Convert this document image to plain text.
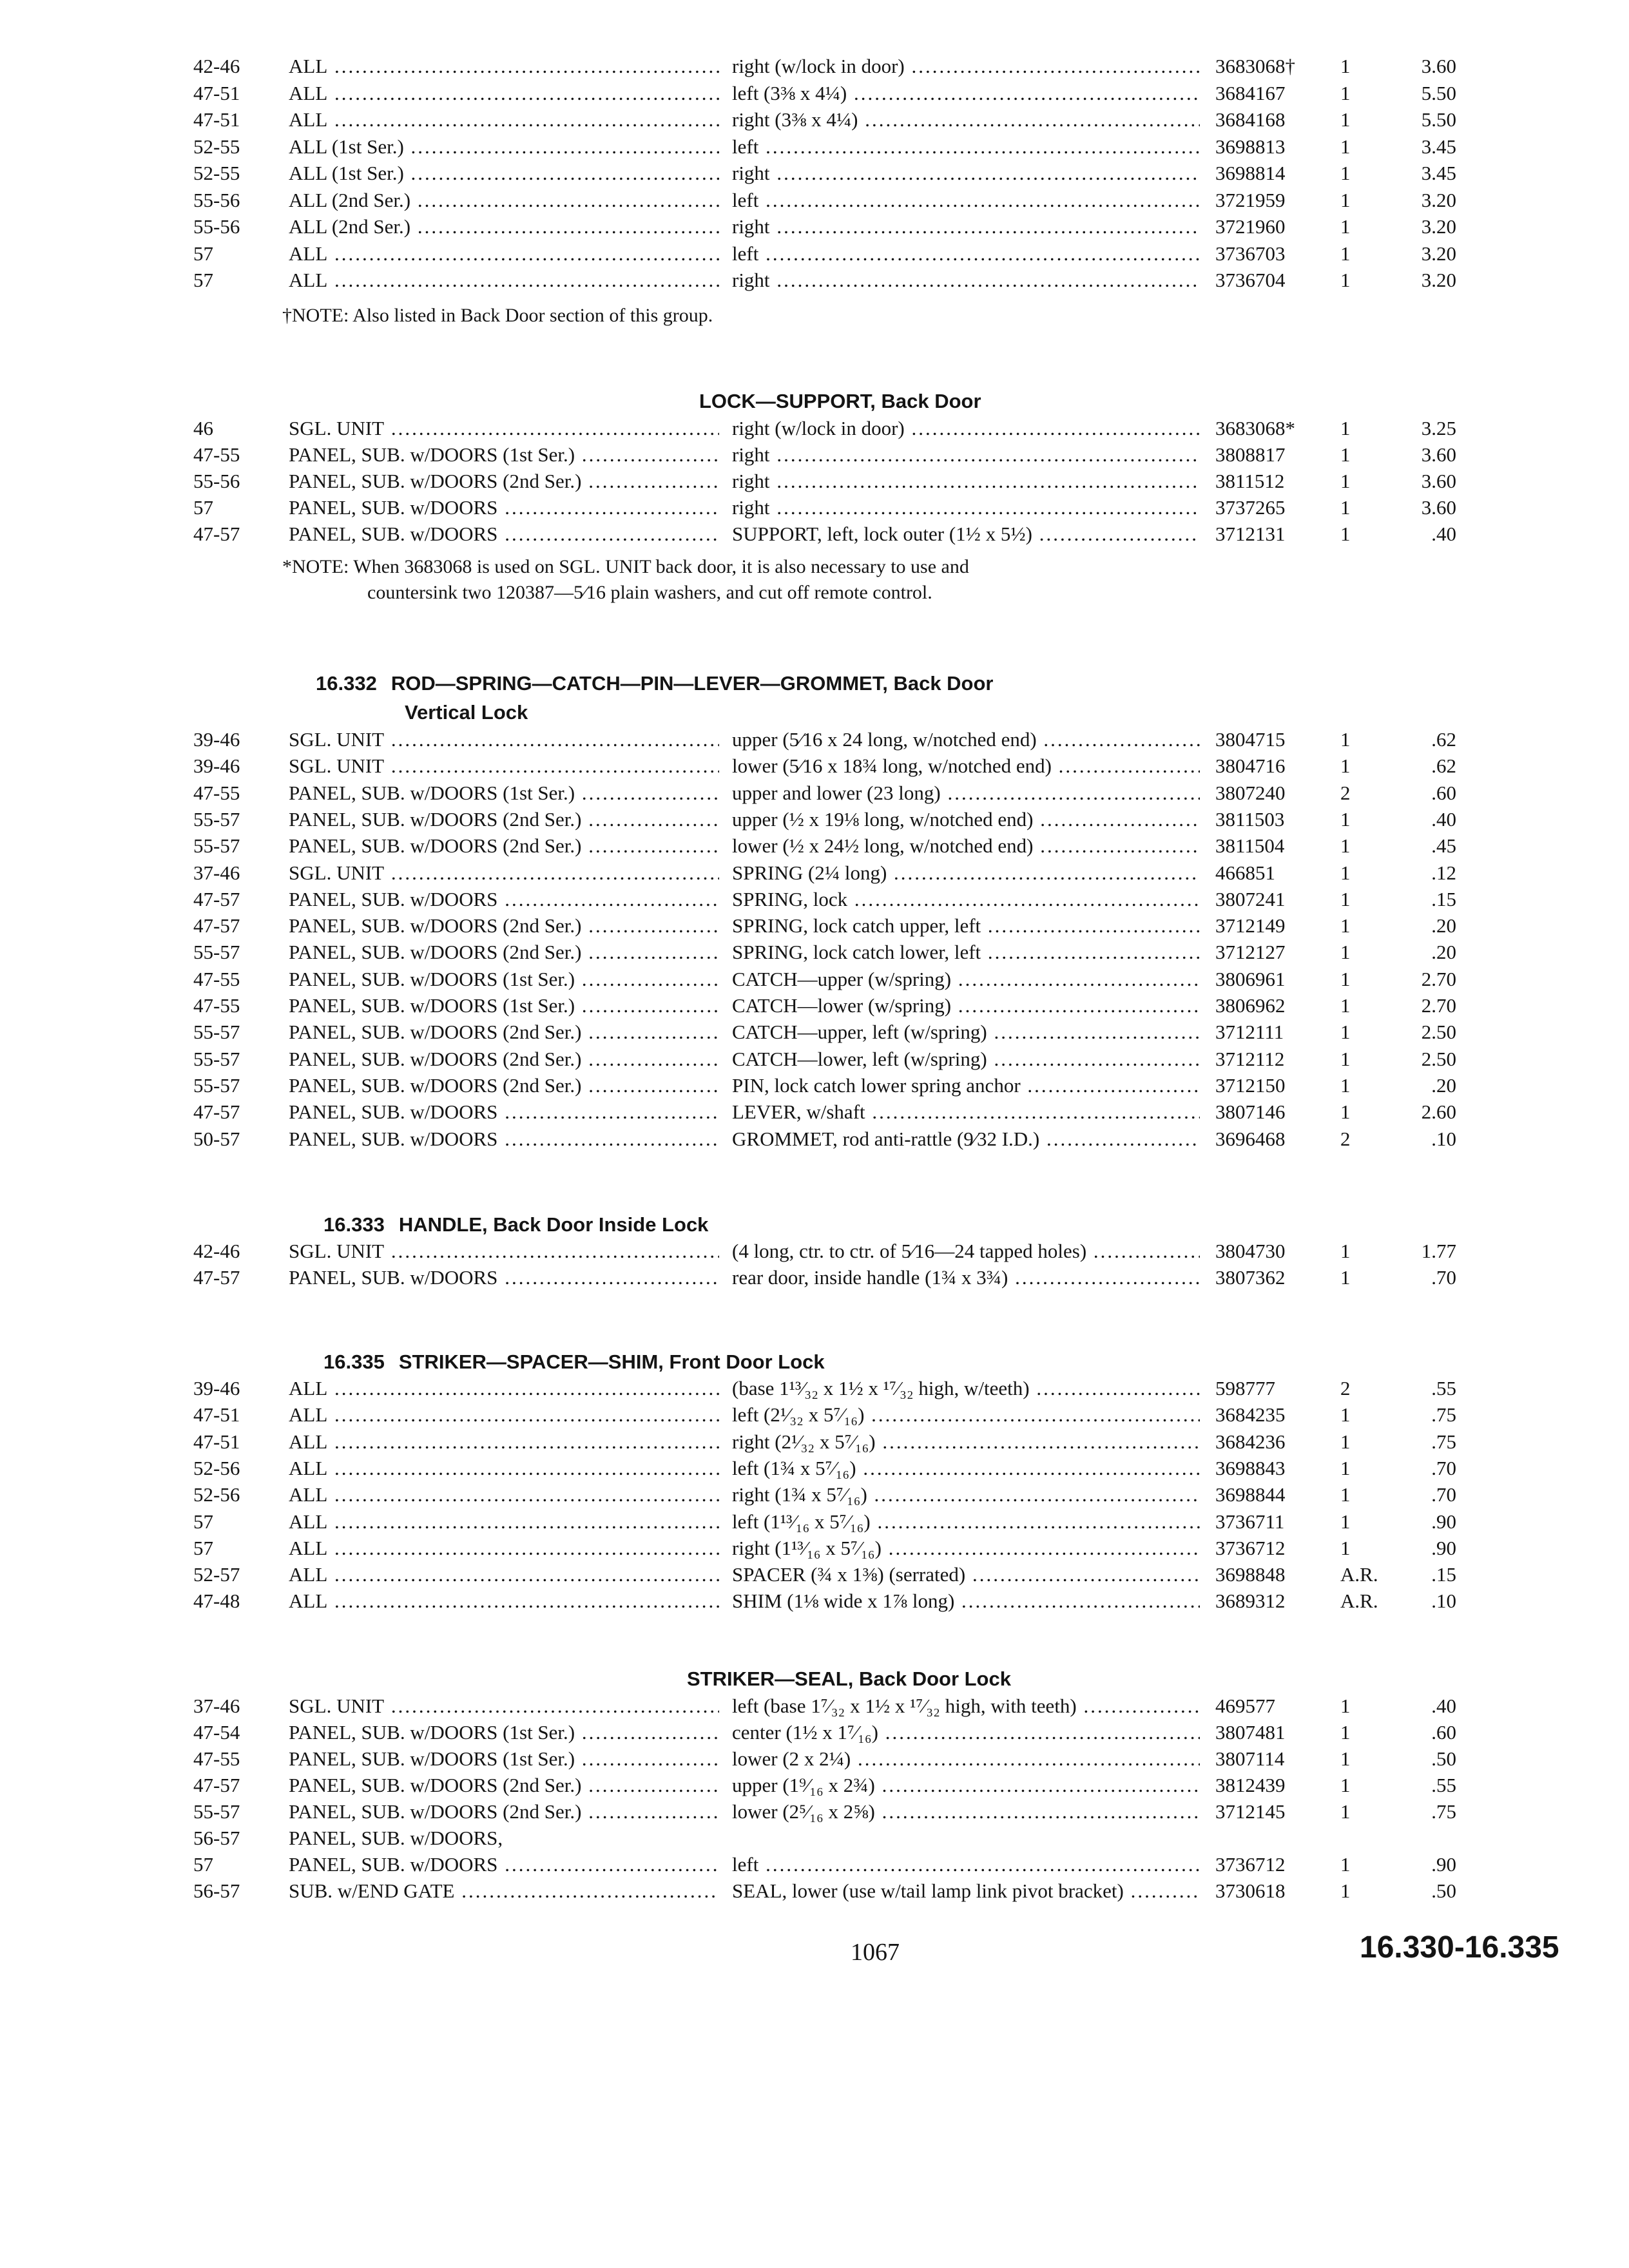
42-46	ALL .....	right (w/lock in door) .....	3683068†	1	3.60
47-51	ALL .....	left (3⅜ x 4¼) .....	3684167	1	5.50
47-51	ALL .....	right (3⅜ x 4¼) .....	3684168	1	5.50
52-55	ALL (1st Ser.) .....	left .....	3698813	1	3.45
52-55	ALL (1st Ser.) .....	right .....	3698814	1	3.45
55-56	ALL (2nd Ser.) .....	left .....	3721959	1	3.20
55-56	ALL (2nd Ser.) .....	right .....	3721960	1	3.20
57	ALL .....	left .....	3736703	1	3.20
57	ALL .....	right .....	3736704	1	3.20
†NOTE: Also listed in Back Door section of this group.
LOCK—SUPPORT, Back Door
46	SGL. UNIT .....	right (w/lock in door) .....	3683068*	1	3.25
47-55	PANEL, SUB. w/DOORS (1st Ser.) .....	right .....	3808817	1	3.60
55-56	PANEL, SUB. w/DOORS (2nd Ser.) .....	right .....	3811512	1	3.60
57	PANEL, SUB. w/DOORS .....	right .....	3737265	1	3.60
47-57	PANEL, SUB. w/DOORS .....	SUPPORT, left, lock outer (1½ x 5½) .....	3712131	1	.40
*NOTE: When 3683068 is used on SGL. UNIT back door, it is also necessary to use and
countersink two 120387—5⁄16 plain washers, and cut off remote control.
16.332 ROD—SPRING—CATCH—PIN—LEVER—GROMMET, Back Door
Vertical Lock
39-46	SGL. UNIT .....	upper (5⁄16 x 24 long, w/notched end) .....	3804715	1	.62
39-46	SGL. UNIT .....	lower (5⁄16 x 18¾ long, w/notched end) .....	3804716	1	.62
47-55	PANEL, SUB. w/DOORS (1st Ser.) .....	upper and lower (23 long) .....	3807240	2	.60
55-57	PANEL, SUB. w/DOORS (2nd Ser.) .....	upper (½ x 19⅛ long, w/notched end) .....	3811503	1	.40
55-57	PANEL, SUB. w/DOORS (2nd Ser.) .....	lower (½ x 24½ long, w/notched end) .....	3811504	1	.45
37-46	SGL. UNIT .....	SPRING (2¼ long) .....	466851	1	.12
47-57	PANEL, SUB. w/DOORS .....	SPRING, lock .....	3807241	1	.15
47-57	PANEL, SUB. w/DOORS (2nd Ser.) .....	SPRING, lock catch upper, left .....	3712149	1	.20
55-57	PANEL, SUB. w/DOORS (2nd Ser.) .....	SPRING, lock catch lower, left .....	3712127	1	.20
47-55	PANEL, SUB. w/DOORS (1st Ser.) .....	CATCH—upper (w/spring) .....	3806961	1	2.70
47-55	PANEL, SUB. w/DOORS (1st Ser.) .....	CATCH—lower (w/spring) .....	3806962	1	2.70
55-57	PANEL, SUB. w/DOORS (2nd Ser.) .....	CATCH—upper, left (w/spring) .....	3712111	1	2.50
55-57	PANEL, SUB. w/DOORS (2nd Ser.) .....	CATCH—lower, left (w/spring) .....	3712112	1	2.50
55-57	PANEL, SUB. w/DOORS (2nd Ser.) .....	PIN, lock catch lower spring anchor .....	3712150	1	.20
47-57	PANEL, SUB. w/DOORS .....	LEVER, w/shaft .....	3807146	1	2.60
50-57	PANEL, SUB. w/DOORS .....	GROMMET, rod anti-rattle (9⁄32 I.D.) .....	3696468	2	.10
16.333 HANDLE, Back Door Inside Lock
42-46	SGL. UNIT .....	(4 long, ctr. to ctr. of 5⁄16—24 tapped holes) .....	3804730	1	1.77
47-57	PANEL, SUB. w/DOORS .....	rear door, inside handle (1¾ x 3¾) .....	3807362	1	.70
16.335 STRIKER—SPACER—SHIM, Front Door Lock
39-46	ALL .....	(base 1¹³⁄₃₂ x 1½ x ¹⁷⁄₃₂ high, w/teeth) .....	598777	2	.55
47-51	ALL .....	left (2¹⁄₃₂ x 5⁷⁄₁₆) .....	3684235	1	.75
47-51	ALL .....	right (2¹⁄₃₂ x 5⁷⁄₁₆) .....	3684236	1	.75
52-56	ALL .....	left (1¾ x 5⁷⁄₁₆) .....	3698843	1	.70
52-56	ALL .....	right (1¾ x 5⁷⁄₁₆) .....	3698844	1	.70
57	ALL .....	left (1¹³⁄₁₆ x 5⁷⁄₁₆) .....	3736711	1	.90
57	ALL .....	right (1¹³⁄₁₆ x 5⁷⁄₁₆) .....	3736712	1	.90
52-57	ALL .....	SPACER (¾ x 1⅜) (serrated) .....	3698848	A.R.	.15
47-48	ALL .....	SHIM (1⅛ wide x 1⅞ long) .....	3689312	A.R.	.10
STRIKER—SEAL, Back Door Lock
37-46	SGL. UNIT .....	left (base 1⁷⁄₃₂ x 1½ x ¹⁷⁄₃₂ high, with teeth) .....	469577	1	.40
47-54	PANEL, SUB. w/DOORS (1st Ser.) .....	center (1½ x 1⁷⁄₁₆) .....	3807481	1	.60
47-55	PANEL, SUB. w/DOORS (1st Ser.) .....	lower (2 x 2¼) .....	3807114	1	.50
47-57	PANEL, SUB. w/DOORS (2nd Ser.) .....	upper (1⁹⁄₁₆ x 2¾) .....	3812439	1	.55
55-57	PANEL, SUB. w/DOORS (2nd Ser.) .....	lower (2⁵⁄₁₆ x 2⅝) .....	3712145	1	.75
56-57	PANEL, SUB. w/DOORS,
57	PANEL, SUB. w/DOORS .....	left .....	3736712	1	.90
56-57	SUB. w/END GATE .....	SEAL, lower (use w/tail lamp link pivot bracket) .....	3730618	1	.50
1067	16.330-16.335
